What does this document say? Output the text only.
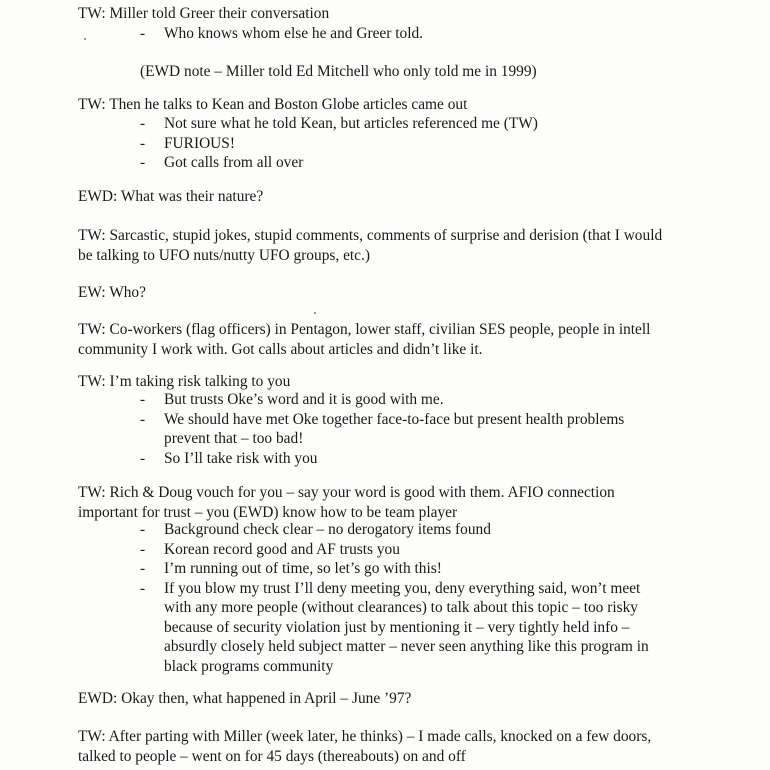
TW: Miller told Greer their conversation
- Who knows whom else he and Greer told.
(EWD note – Miller told Ed Mitchell who only told me in 1999)
TW: Then he talks to Kean and Boston Globe articles came out
- Not sure what he told Kean, but articles referenced me (TW)
- FURIOUS!
- Got calls from all over
EWD: What was their nature?
TW: Sarcastic, stupid jokes, stupid comments, comments of surprise and derision (that I would be talking to UFO nuts/nutty UFO groups, etc.)
EW: Who?
TW: Co-workers (flag officers) in Pentagon, lower staff, civilian SES people, people in intell community I work with. Got calls about articles and didn’t like it.
TW: I’m taking risk talking to you
- But trusts Oke’s word and it is good with me.
- We should have met Oke together face-to-face but present health problems prevent that – too bad!
- So I’ll take risk with you
TW: Rich & Doug vouch for you – say your word is good with them. AFIO connection important for trust – you (EWD) know how to be team player
- Background check clear – no derogatory items found
- Korean record good and AF trusts you
- I’m running out of time, so let’s go with this!
- If you blow my trust I’ll deny meeting you, deny everything said, won’t meet with any more people (without clearances) to talk about this topic – too risky because of security violation just by mentioning it – very tightly held info – absurdly closely held subject matter – never seen anything like this program in black programs community
EWD: Okay then, what happened in April – June ’97?
TW: After parting with Miller (week later, he thinks) – I made calls, knocked on a few doors, talked to people – went on for 45 days (thereabouts) on and off
